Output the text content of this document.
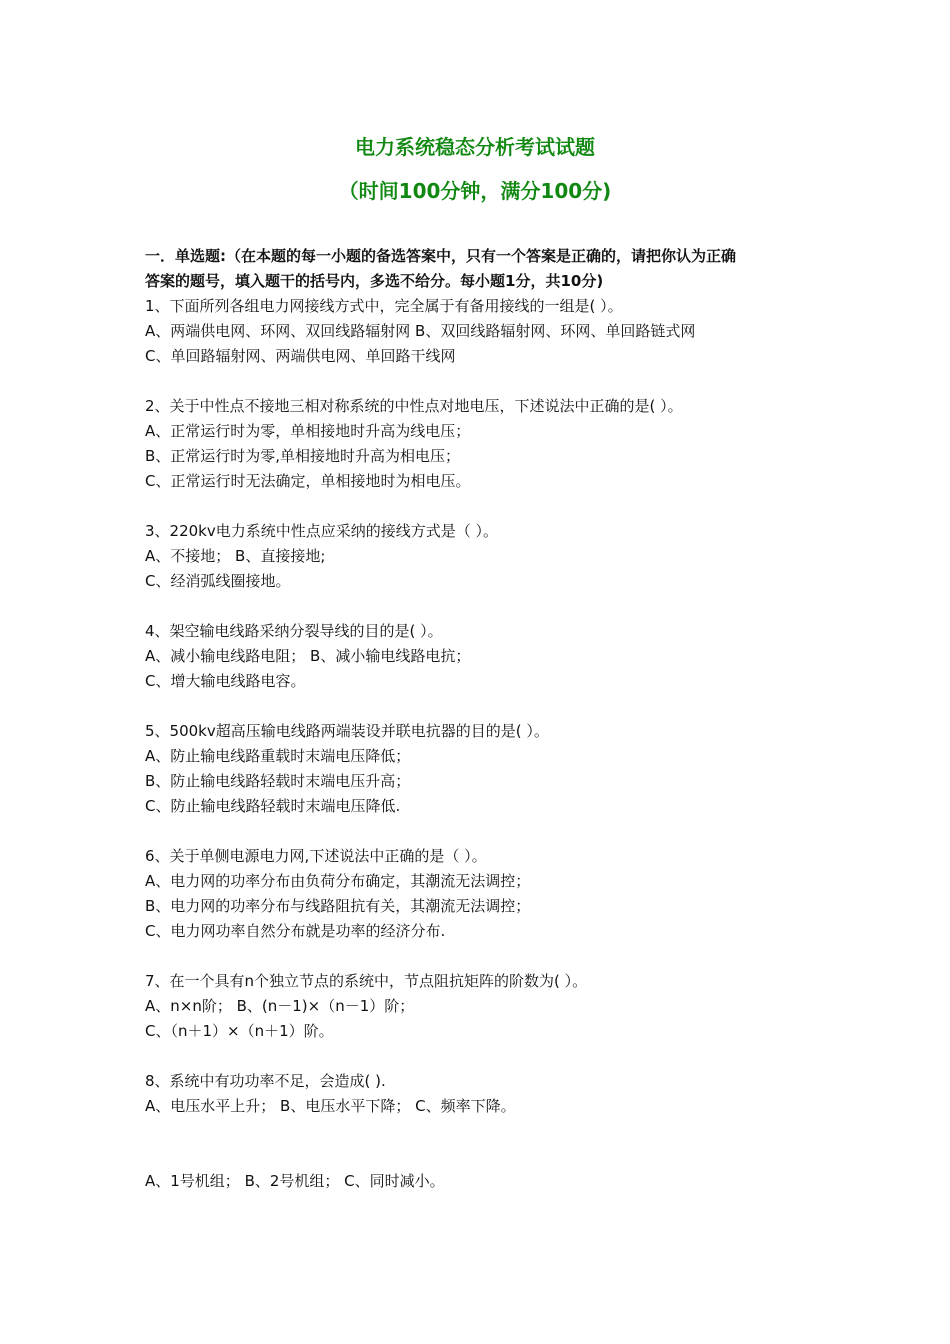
电力系统稳态分析考试试题
（时间100分钟，满分100分)
一．单选题:（在本题的每一小题的备选答案中，只有一个答案是正确的，请把你认为正确
答案的题号，填入题干的括号内，多选不给分。每小题1分，共10分)
1、下面所列各组电力网接线方式中，完全属于有备用接线的一组是( ）。
A、两端供电网、环网、双回线路辐射网 B、双回线路辐射网、环网、单回路链式网
C、单回路辐射网、两端供电网、单回路干线网
2、关于中性点不接地三相对称系统的中性点对地电压，下述说法中正确的是( ）。
A、正常运行时为零，单相接地时升高为线电压；
B、正常运行时为零,单相接地时升高为相电压；
C、正常运行时无法确定，单相接地时为相电压。
3、220kv电力系统中性点应采纳的接线方式是（ ）。
A、不接地； B、直接接地;
C、经消弧线圈接地。
4、架空输电线路采纳分裂导线的目的是( ）。
A、减小输电线路电阻； B、减小输电线路电抗；
C、增大输电线路电容。
5、500kv超高压输电线路两端装设并联电抗器的目的是( ）。
A、防止输电线路重载时末端电压降低；
B、防止输电线路轻载时末端电压升高；
C、防止输电线路轻载时末端电压降低.
6、关于单侧电源电力网,下述说法中正确的是（ ）。
A、电力网的功率分布由负荷分布确定，其潮流无法调控；
B、电力网的功率分布与线路阻抗有关，其潮流无法调控；
C、电力网功率自然分布就是功率的经济分布.
7、在一个具有n个独立节点的系统中，节点阻抗矩阵的阶数为( ）。
A、n×n阶； B、(n－1)×（n－1）阶；
C、（n＋1）×（n＋1）阶。
8、系统中有功功率不足，会造成( ).
A、电压水平上升； B、电压水平下降； C、频率下降。
A、1号机组； B、2号机组； C、同时减小。
